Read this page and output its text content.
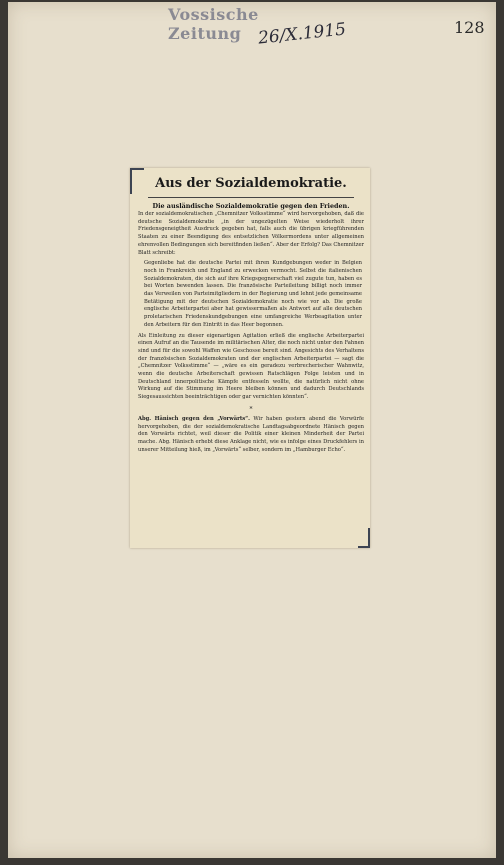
Vossische Zeitung 26/X.1915	128
Aus der Sozialdemokratie.
Die ausländische Sozialdemokratie gegen den Frieden.

In der sozialdemokratischen „Chemnitzer Volksstimme“ wird hervorgehoben, daß die deutsche Sozialdemokratie „in der ungezügelten Weise wiederholt ihrer Friedensgeneigtheit Ausdruck gegeben hat, falls auch die übrigen kriegführenden Staaten zu einer Beendigung des entsetzlichen Völkermordens unter allgemeinen ehrenvollen Bedingungen sich bereitfinden ließen“. Aber der Erfolg? Das Chemnitzer Blatt schreibt:

Gegenliebe hat die deutsche Partei mit ihren Kundgebungen weder in Belgien noch in Frankreich und England zu erwecken vermocht. Selbst die italienischen Sozialdemokraten, die sich auf ihre Kriegsgegnerschaft viel zugute tun, haben es bei Worten bewenden lassen. Die französische Parteileitung billigt noch immer das Verweilen von Parteimitgliedern in der Regierung und lehnt jede gemeinsame Betätigung mit der deutschen Sozialdemokratie noch wie vor ab. Die große englische Arbeiterpartei aber hat gewissermaßen als Antwort auf alle deutschen proletarischen Friedenskundgebungen eine umfangreiche Werbeagitation unter den Arbeitern für den Eintritt in das Heer begonnen.

Als Einleitung zu dieser eigenartigen Agitation erließ die englische Arbeiterpartei einen Aufruf an die Tausende im militärischen Alter, die noch nicht unter den Fahnen sind und für die sowohl Waffen wie Geschosse bereit sind. Angesichts des Verhaltens der französischen Sozialdemokraten und der englischen Arbeiterpartei — sagt die „Chemnitzer Volksstimme“ — „wäre es ein geradezu verbrecherischer Wahnwitz, wenn die deutsche Arbeiterschaft gewissen Ratschlägen Folge leisten und in Deutschland innerpolitische Kämpfe entfesseln wollte, die natürlich nicht ohne Wirkung auf die Stimmung im Heere bleiben können und dadurch Deutschlands Siegesaussichten beeinträchtigen oder gar vernichten könnten“.

*

Abg. Hänisch gegen den „Vorwärts“. Wir haben gestern abend die Vorwürfe hervorgehoben, die der sozialdemokratische Landtagsabgeordnete Hänisch gegen den Vorwärts richtet, weil dieser die Politik einer kleinen Minderheit der Partei mache. Abg. Hänisch erhebt diese Anklage nicht, wie es infolge eines Druckfehlers in unserer Mitteilung hieß, im „Vorwärts“ selber, sondern im „Hamburger Echo“.
